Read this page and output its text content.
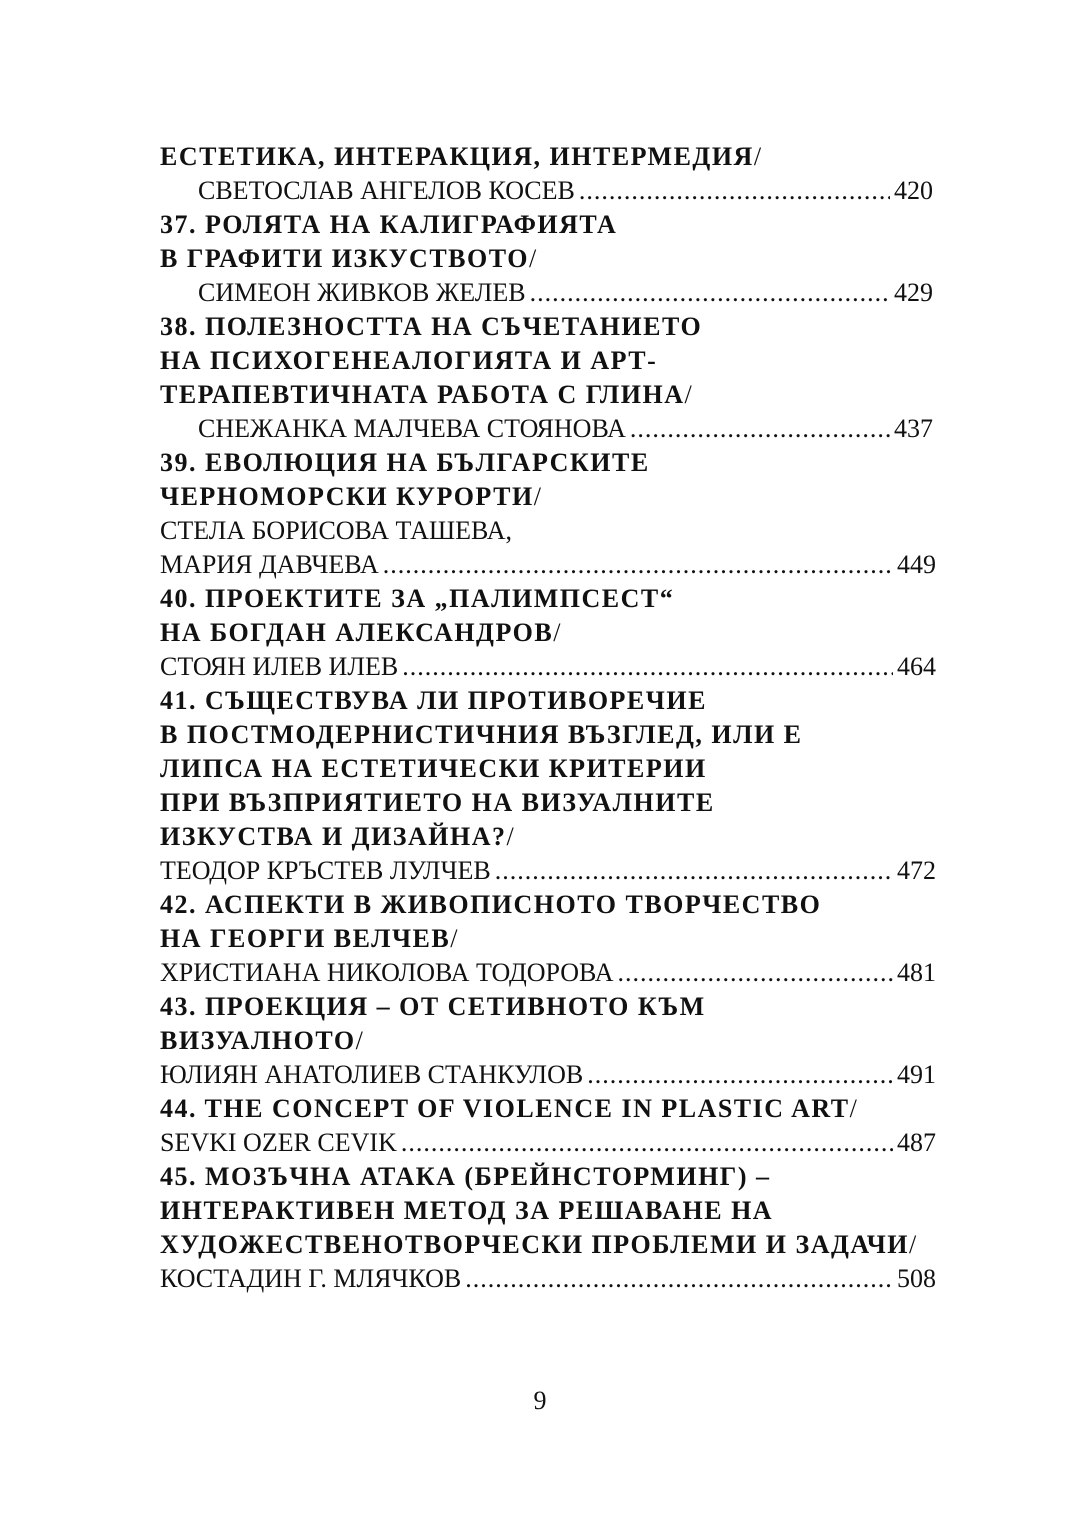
ЕСТЕТИКА, ИНТЕРАКЦИЯ, ИНТЕРМЕДИЯ/
СВЕТОСЛАВ АНГЕЛОВ КОСЕВ .....	420
37. РОЛЯТА НА КАЛИГРАФИЯТА
В ГРАФИТИ ИЗКУСТВОТО/
СИМЕОН ЖИВКОВ ЖЕЛЕВ .....	429
38. ПОЛЕЗНОСТТА НА СЪЧЕТАНИЕТО
НА ПСИХОГЕНЕАЛОГИЯТА И АРТ-
ТЕРАПЕВТИЧНАТА РАБОТА С ГЛИНА/
СНЕЖАНКА МАЛЧЕВА СТОЯНОВА .....	437
39. ЕВОЛЮЦИЯ НА БЪЛГАРСКИТЕ
ЧЕРНОМОРСКИ КУРОРТИ/
СТЕЛА БОРИСОВА ТАШЕВА,
МАРИЯ ДАВЧЕВА .....	449
40. ПРОЕКТИТЕ ЗА „ПАЛИМПСЕСТ“
НА БОГДАН АЛЕКСАНДРОВ/
СТОЯН ИЛЕВ ИЛЕВ .....	464
41. СЪЩЕСТВУВА ЛИ ПРОТИВОРЕЧИЕ
В ПОСТМОДЕРНИСТИЧНИЯ ВЪЗГЛЕД, ИЛИ Е
ЛИПСА НА ЕСТЕТИЧЕСКИ КРИТЕРИИ
ПРИ ВЪЗПРИЯТИЕТО НА ВИЗУАЛНИТЕ
ИЗКУСТВА И ДИЗАЙНА?/
ТЕОДОР КРЪСТЕВ ЛУЛЧЕВ .....	472
42. АСПЕКТИ В ЖИВОПИСНОТО ТВОРЧЕСТВО
НА ГЕОРГИ ВЕЛЧЕВ/
ХРИСТИАНА НИКОЛОВА ТОДОРОВА .....	481
43. ПРОЕКЦИЯ – ОТ СЕТИВНОТО КЪМ
ВИЗУАЛНОТО/
ЮЛИЯН АНАТОЛИЕВ СТАНКУЛОВ .....	491
44. THE CONCEPT OF VIOLENCE IN PLASTIC ART/
SEVKI OZER CEVIK .....	487
45. МОЗЪЧНА АТАКА (БРЕЙНСТОРМИНГ) –
ИНТЕРАКТИВЕН МЕТОД ЗА РЕШАВАНЕ НА
ХУДОЖЕСТВЕНОТВОРЧЕСКИ ПРОБЛЕМИ И ЗАДАЧИ/
КОСТАДИН Г. МЛЯЧКОВ .....	508
9
